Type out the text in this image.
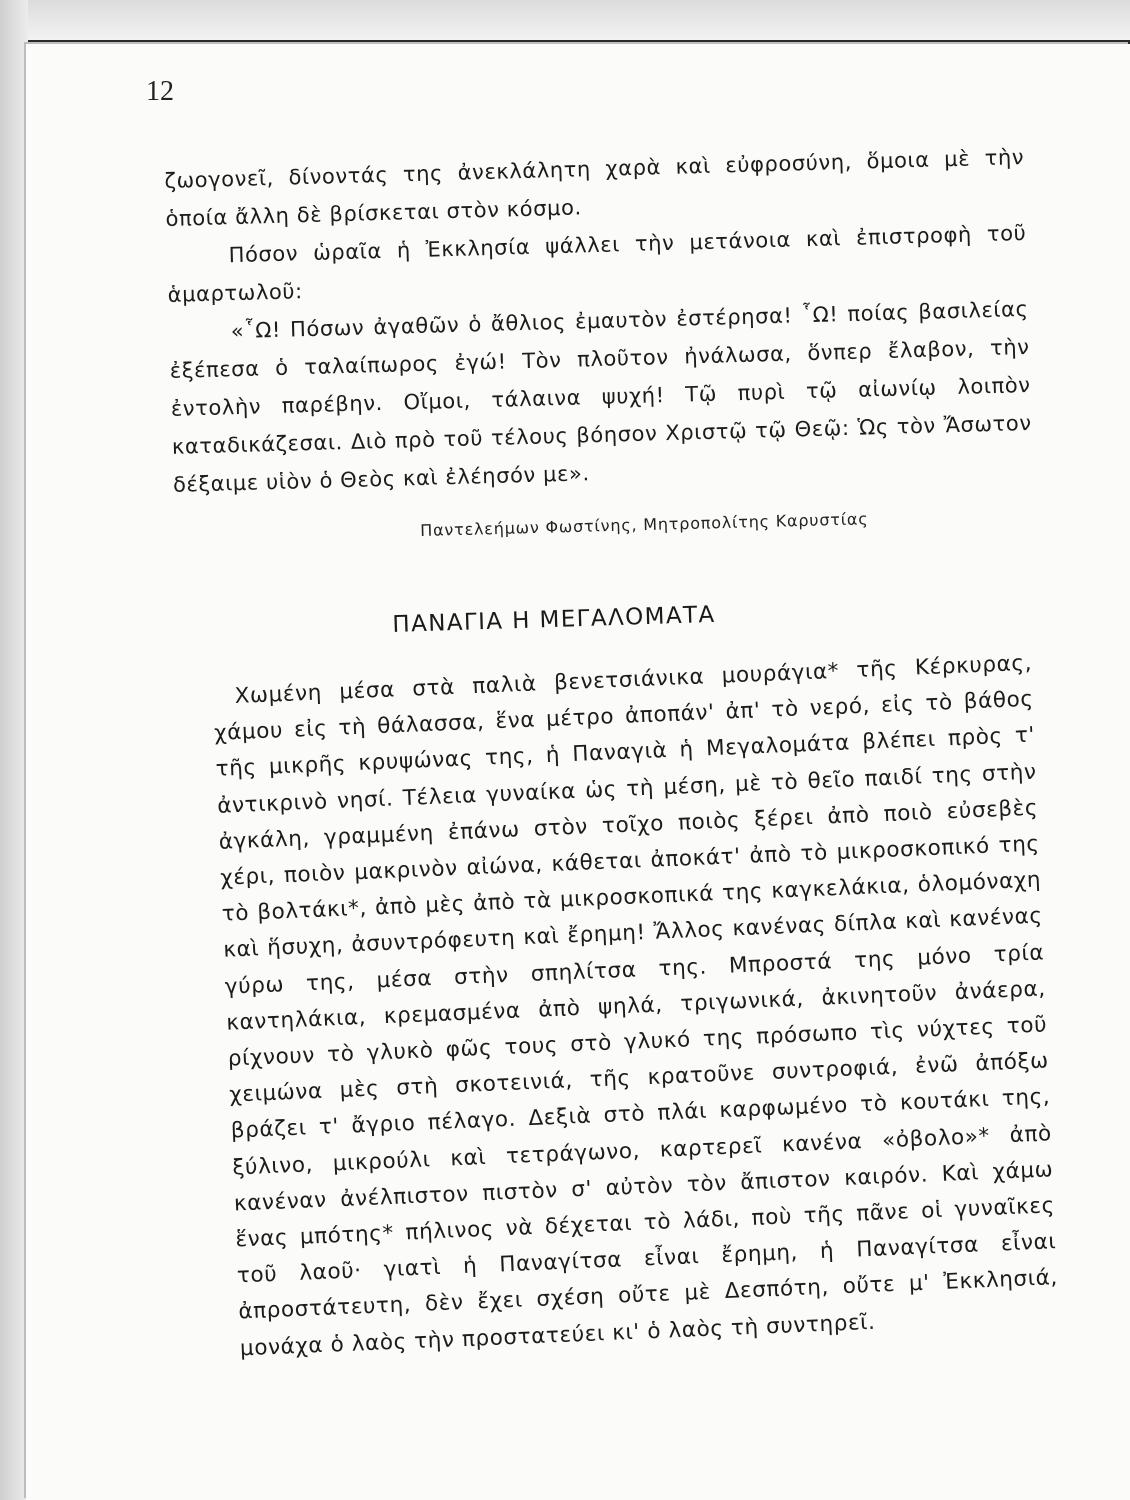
12

ζωογονεῖ, δίνοντάς της ἀνεκλάλητη χαρὰ καὶ εὐφροσύνη, ὅμοια μὲ τὴν ὁποία ἄλλη δὲ βρίσκεται στὸν κόσμο.

Πόσον ὡραῖα ἡ Ἐκκλησία ψάλλει τὴν μετάνοια καὶ ἐπιστροφὴ τοῦ ἁμαρτωλοῦ:

«῟Ω! Πόσων ἀγαθῶν ὁ ἄθλιος ἐμαυτὸν ἐστέρησα! ῟Ω! ποίας βασιλείας ἐξέπεσα ὁ ταλαίπωρος ἐγώ! Τὸν πλοῦτον ἠνάλωσα, ὅνπερ ἔλαβον, τὴν ἐντολὴν παρέβην. Οἴμοι, τάλαινα ψυχή! Τῷ πυρὶ τῷ αἰωνίῳ λοιπὸν καταδικάζεσαι. Διὸ πρὸ τοῦ τέλους βόησον Χριστῷ τῷ Θεῷ: Ὡς τὸν Ἄσωτον δέξαιμε υἱὸν ὁ Θεὸς καὶ ἐλέησόν με».

Παντελεήμων Φωστίνης, Μητροπολίτης Καρυστίας
ΠΑΝΑΓΙΑ Η ΜΕΓΑΛΟΜΑΤΑ

Χωμένη μέσα στὰ παλιὰ βενετσιάνικα μουράγια* τῆς Κέρκυρας, χάμου εἰς τὴ θάλασσα, ἕνα μέτρο ἀποπάν' ἀπ' τὸ νερό, εἰς τὸ βάθος τῆς μικρῆς κρυψώνας της, ἡ Παναγιὰ ἡ Μεγαλομάτα βλέπει πρὸς τ' ἀντικρινὸ νησί. Τέλεια γυναίκα ὡς τὴ μέση, μὲ τὸ θεῖο παιδί της στὴν ἀγκάλη, γραμμένη ἐπάνω στὸν τοῖχο ποιὸς ξέρει ἀπὸ ποιὸ εὐσεβὲς χέρι, ποιὸν μακρινὸν αἰώνα, κάθεται ἀποκάτ' ἀπὸ τὸ μικροσκοπικό της τὸ βολτάκι*, ἀπὸ μὲς ἀπὸ τὰ μικροσκοπικά της καγκελάκια, ὁλομόναχη καὶ ἥσυχη, ἀσυντρόφευτη καὶ ἔρημη! Ἄλλος κανένας δίπλα καὶ κανένας γύρω της, μέσα στὴν σπηλίτσα της. Μπροστά της μόνο τρία καντηλάκια, κρεμασμένα ἀπὸ ψηλά, τριγωνικά, ἀκινητοῦν ἀνάερα, ρίχνουν τὸ γλυκὸ φῶς τους στὸ γλυκό της πρόσωπο τὶς νύχτες τοῦ χειμώνα μὲς στὴ σκοτεινιά, τῆς κρατοῦνε συντροφιά, ἐνῶ ἀπόξω βράζει τ' ἄγριο πέλαγο. Δεξιὰ στὸ πλάι καρφωμένο τὸ κουτάκι της, ξύλινο, μικρούλι καὶ τετράγωνο, καρτερεῖ κανένα «ὀβολο»* ἀπὸ κανέναν ἀνέλπιστον πιστὸν σ' αὐτὸν τὸν ἄπιστον καιρόν. Καὶ χάμω ἕνας μπότης* πήλινος νὰ δέχεται τὸ λάδι, ποὺ τῆς πᾶνε οἱ γυναῖκες τοῦ λαοῦ· γιατὶ ἡ Παναγίτσα εἶναι ἔρημη, ἡ Παναγίτσα εἶναι ἀπροστάτευτη, δὲν ἔχει σχέση οὔτε μὲ Δεσπότη, οὔτε μ' Ἐκκλησιά, μονάχα ὁ λαὸς τὴν προστατεύει κι' ὁ λαὸς τὴ συντηρεῖ.
